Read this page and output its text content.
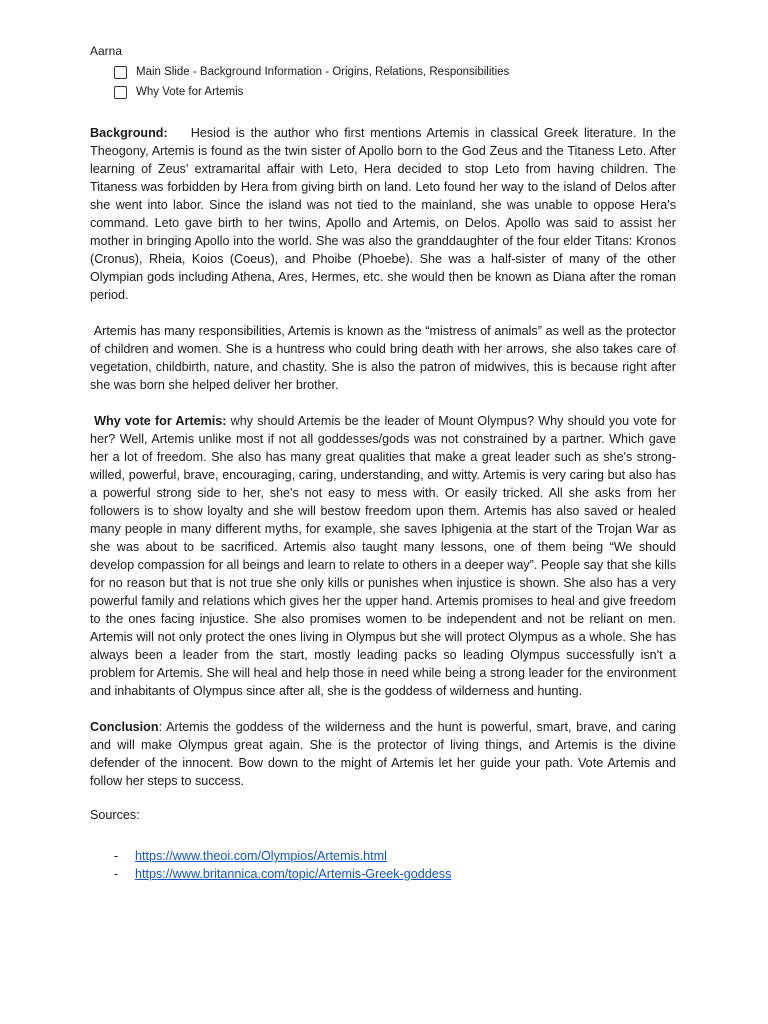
Aarna
Main Slide - Background Information - Origins, Relations, Responsibilities
Why Vote for Artemis

Background: Hesiod is the author who first mentions Artemis in classical Greek literature. In the Theogony, Artemis is found as the twin sister of Apollo born to the God Zeus and the Titaness Leto. After learning of Zeus' extramarital affair with Leto, Hera decided to stop Leto from having children. The Titaness was forbidden by Hera from giving birth on land. Leto found her way to the island of Delos after she went into labor. Since the island was not tied to the mainland, she was unable to oppose Hera's command. Leto gave birth to her twins, Apollo and Artemis, on Delos. Apollo was said to assist her mother in bringing Apollo into the world. She was also the granddaughter of the four elder Titans: Kronos (Cronus), Rheia, Koios (Coeus), and Phoibe (Phoebe). She was a half-sister of many of the other Olympian gods including Athena, Ares, Hermes, etc. she would then be known as Diana after the roman period.

Artemis has many responsibilities, Artemis is known as the “mistress of animals” as well as the protector of children and women. She is a huntress who could bring death with her arrows, she also takes care of vegetation, childbirth, nature, and chastity. She is also the patron of midwives, this is because right after she was born she helped deliver her brother.

Why vote for Artemis: why should Artemis be the leader of Mount Olympus? Why should you vote for her? Well, Artemis unlike most if not all goddesses/gods was not constrained by a partner. Which gave her a lot of freedom. She also has many great qualities that make a great leader such as she's strong-willed, powerful, brave, encouraging, caring, understanding, and witty. Artemis is very caring but also has a powerful strong side to her, she's not easy to mess with. Or easily tricked. All she asks from her followers is to show loyalty and she will bestow freedom upon them. Artemis has also saved or healed many people in many different myths, for example, she saves Iphigenia at the start of the Trojan War as she was about to be sacrificed. Artemis also taught many lessons, one of them being “We should develop compassion for all beings and learn to relate to others in a deeper way”. People say that she kills for no reason but that is not true she only kills or punishes when injustice is shown. She also has a very powerful family and relations which gives her the upper hand. Artemis promises to heal and give freedom to the ones facing injustice. She also promises women to be independent and not be reliant on men. Artemis will not only protect the ones living in Olympus but she will protect Olympus as a whole. She has always been a leader from the start, mostly leading packs so leading Olympus successfully isn't a problem for Artemis. She will heal and help those in need while being a strong leader for the environment and inhabitants of Olympus since after all, she is the goddess of wilderness and hunting.

Conclusion: Artemis the goddess of the wilderness and the hunt is powerful, smart, brave, and caring and will make Olympus great again. She is the protector of living things, and Artemis is the divine defender of the innocent. Bow down to the might of Artemis let her guide your path. Vote Artemis and follow her steps to success.

Sources:
-	https://www.theoi.com/Olympios/Artemis.html
-	https://www.britannica.com/topic/Artemis-Greek-goddess
